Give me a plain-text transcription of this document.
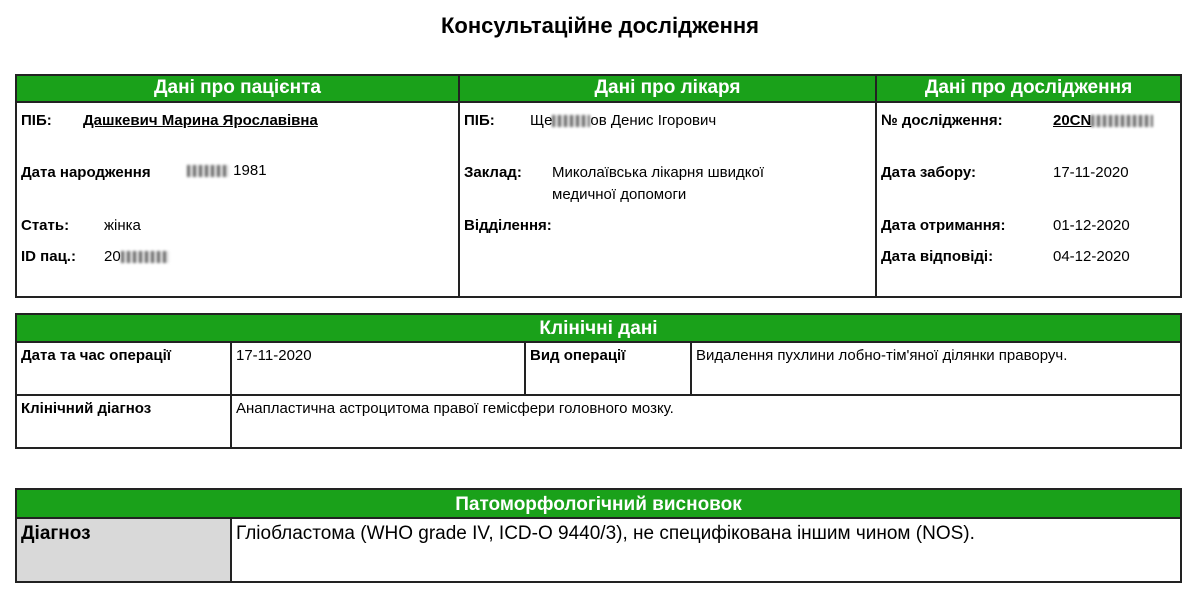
Консультаційне дослідження
Дані про пацієнта
ПІБ: Дашкевич Марина Ярославівна
Дата народження	1981
Стать: жінка
ID пац.: 20
Дані про лікаря
ПІБ: Ще	ов Денис Ігорович
Заклад: Миколаївська лікарня швидкої
медичної допомоги
Відділення:
Дані про дослідження
№ дослідження:	20CN
Дата забору:	17-11-2020
Дата отримання:	01-12-2020
Дата відповіді:	04-12-2020
Клінічні дані
Дата та час операції	17-11-2020	Вид операції	Видалення пухлини лобно-тім'яної ділянки праворуч.
Клінічний діагноз	Анапластична астроцитома правої гемісфери головного мозку.		
Патоморфологічний висновок
Діагноз	Гліобластома (WHO grade IV, ICD-O 9440/3), не специфікована іншим чином (NOS).
